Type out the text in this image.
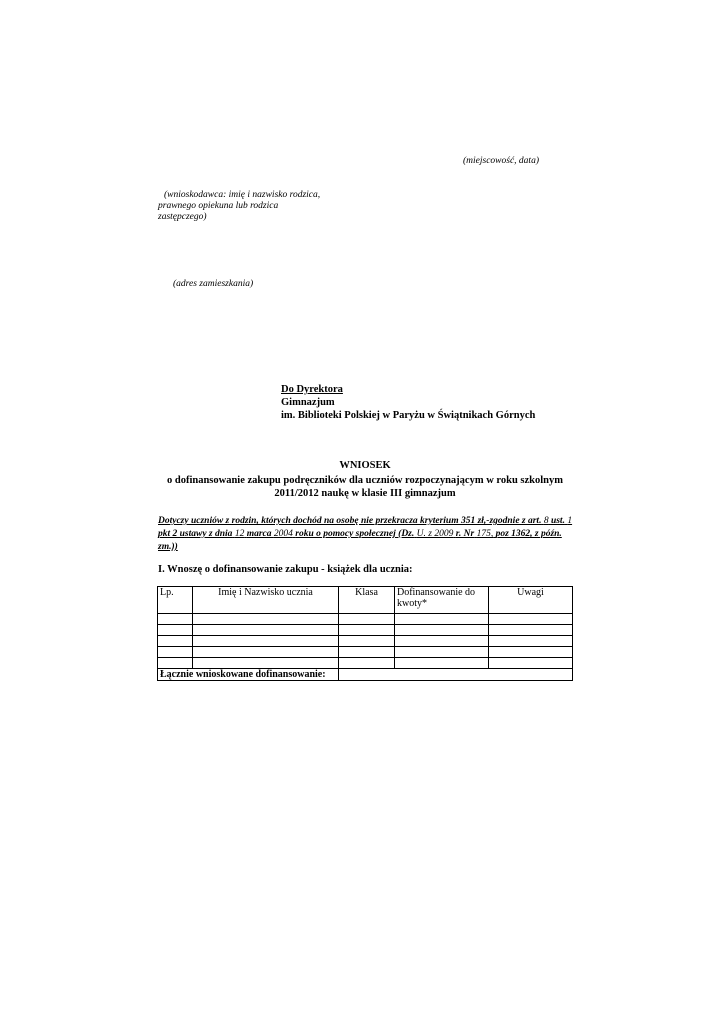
(miejscowość, data)
(wnioskodawca: imię i nazwisko rodzica,
prawnego opiekuna lub rodzica
zastępczego)
(adres zamieszkania)
Do Dyrektora
Gimnazjum
im. Biblioteki Polskiej w Paryżu w Świątnikach Górnych
WNIOSEK
o dofinansowanie zakupu podręczników dla uczniów rozpoczynającym w roku szkolnym
2011/2012 naukę w klasie III gimnazjum
Dotyczy uczniów z rodzin, których dochód na osobę nie przekracza kryterium 351 zł,-zgodnie z art. 8 ust. 1 pkt 2 ustawy z dnia 12 marca 2004 roku o pomocy społecznej (Dz. U. z 2009 r. Nr 175, poz 1362, z późn. zm.))
I. Wnoszę o dofinansowanie zakupu - książek dla ucznia:
Lp.	Imię i Nazwisko ucznia	Klasa	Dofinansowanie do kwoty*	Uwagi

Łącznie wnioskowane dofinansowanie:				
